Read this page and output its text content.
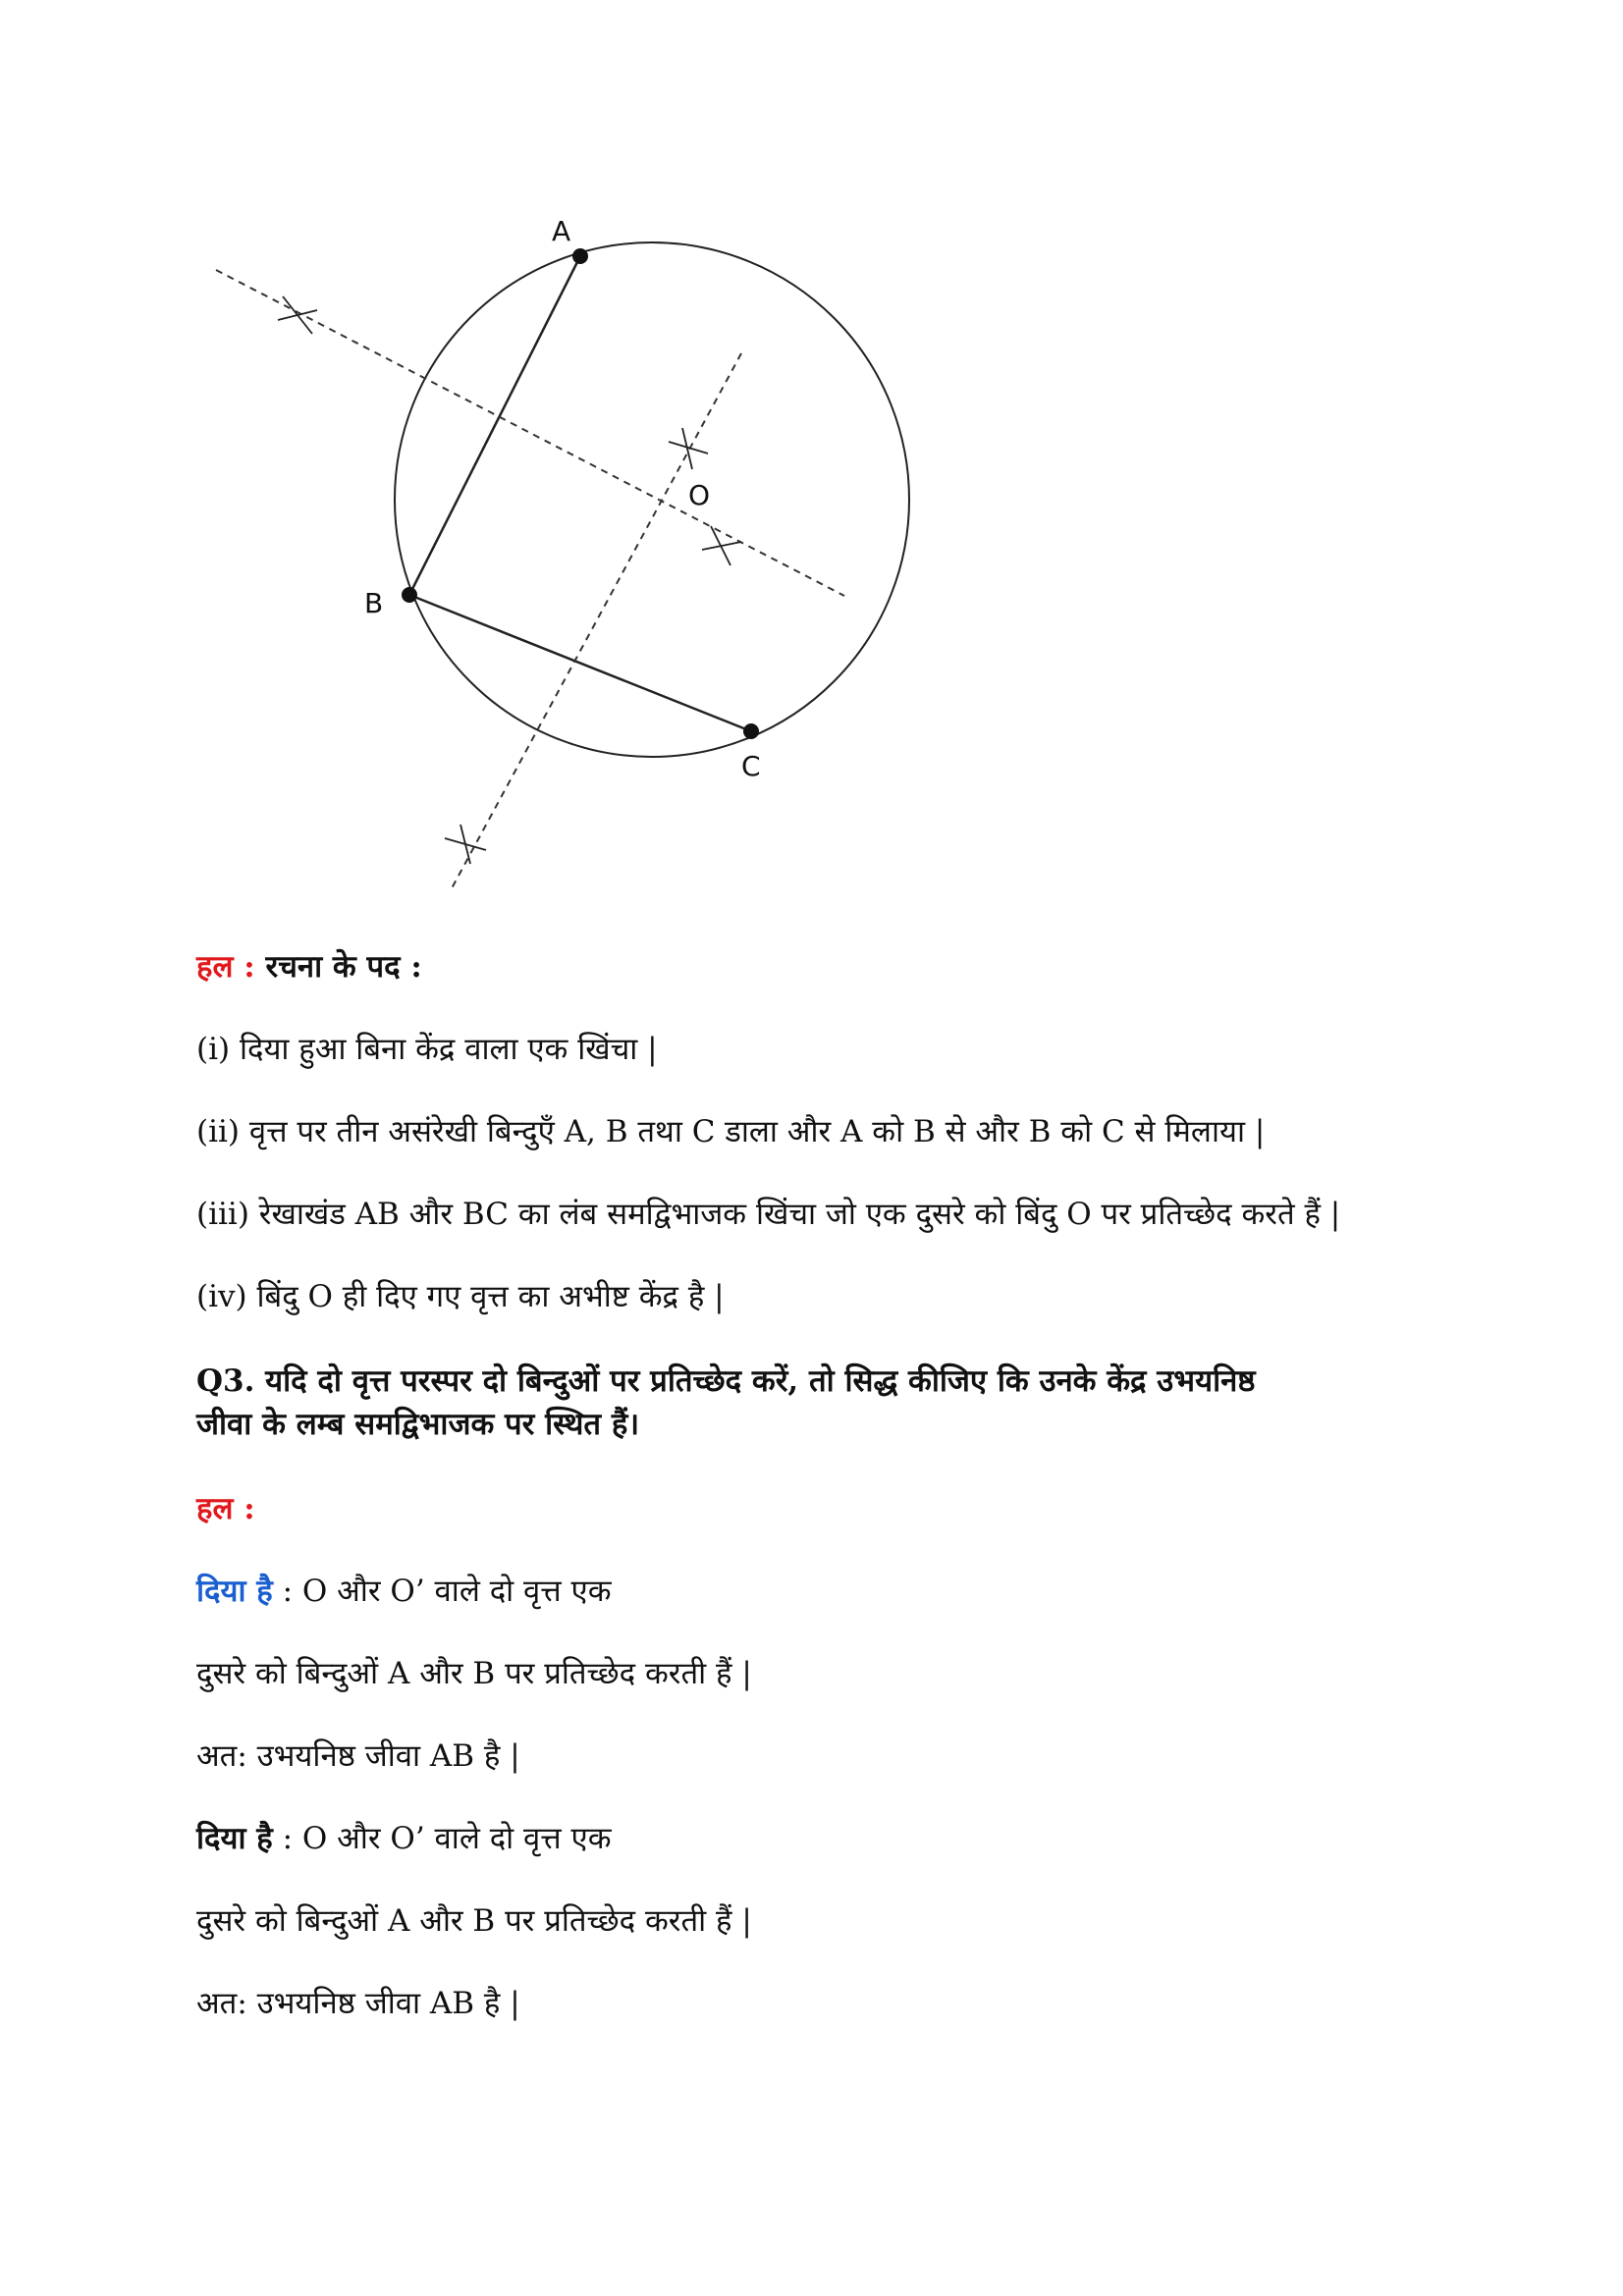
A
B
C
O
हल : रचना के पद :
(i) दिया हुआ बिना केंद्र वाला एक खिंचा |
(ii) वृत्त पर तीन असंरेखी बिन्दुएँ A, B तथा C डाला और A को B से और B को C से मिलाया |
(iii) रेखाखंड AB और BC का लंब समद्विभाजक खिंचा जो एक दुसरे को बिंदु O पर प्रतिच्छेद करते हैं |
(iv) बिंदु O ही दिए गए वृत्त का अभीष्ट केंद्र है |
Q3. यदि दो वृत्त परस्पर दो बिन्दुओं पर प्रतिच्छेद करें, तो सिद्ध कीजिए कि उनके केंद्र उभयनिष्ठ
जीवा के लम्ब समद्विभाजक पर स्थित हैं।
हल :
दिया है : O और O’ वाले दो वृत्त एक
दुसरे को बिन्दुओं A और B पर प्रतिच्छेद करती हैं |
अत: उभयनिष्ठ जीवा AB है |
दिया है : O और O’ वाले दो वृत्त एक
दुसरे को बिन्दुओं A और B पर प्रतिच्छेद करती हैं |
अत: उभयनिष्ठ जीवा AB है |
